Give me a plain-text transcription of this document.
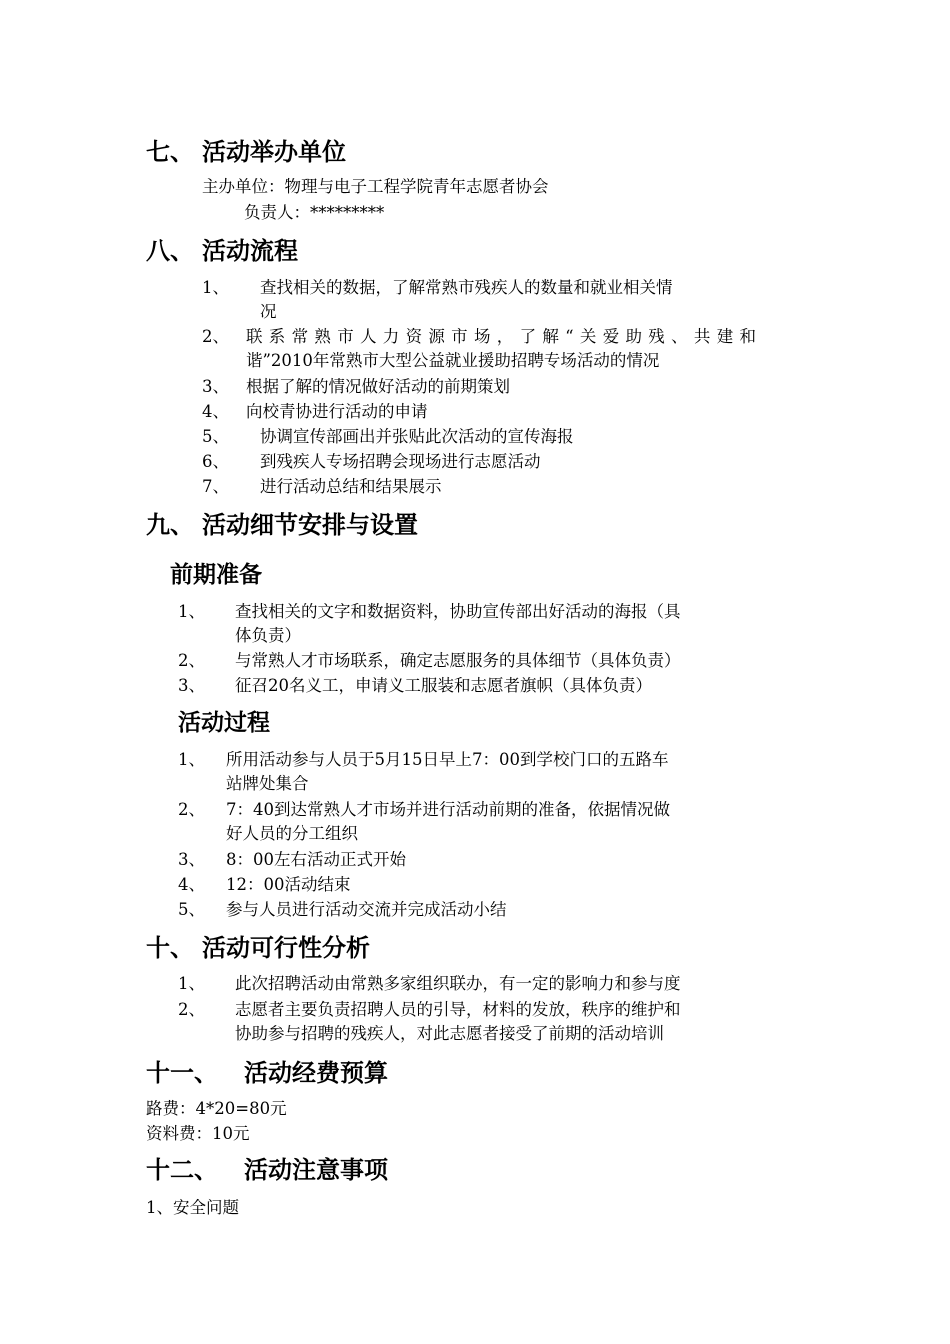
七、 活动举办单位
主办单位：物理与电子工程学院青年志愿者协会
负责人：*********
八、 活动流程
1、 查找相关的数据，了解常熟市残疾人的数量和就业相关情
况
2、 联系常熟市人力资源市场，了解“关爱助残、共建和
谐”2010年常熟市大型公益就业援助招聘专场活动的情况
3、 根据了解的情况做好活动的前期策划
4、 向校青协进行活动的申请
5、 协调宣传部画出并张贴此次活动的宣传海报
6、 到残疾人专场招聘会现场进行志愿活动
7、 进行活动总结和结果展示
九、 活动细节安排与设置
前期准备
1、 查找相关的文字和数据资料，协助宣传部出好活动的海报（具
体负责）
2、 与常熟人才市场联系，确定志愿服务的具体细节（具体负责）
3、 征召20名义工，申请义工服装和志愿者旗帜（具体负责）
活动过程
1、 所用活动参与人员于5月15日早上7：00到学校门口的五路车
站牌处集合
2、 7：40到达常熟人才市场并进行活动前期的准备，依据情况做
好人员的分工组织
3、 8：00左右活动正式开始
4、 12：00活动结束
5、 参与人员进行活动交流并完成活动小结
十、 活动可行性分析
1、 此次招聘活动由常熟多家组织联办，有一定的影响力和参与度
2、 志愿者主要负责招聘人员的引导，材料的发放，秩序的维护和
协助参与招聘的残疾人，对此志愿者接受了前期的活动培训
十一、 活动经费预算
路费：4*20=80元
资料费：10元
十二、 活动注意事项
1、安全问题
